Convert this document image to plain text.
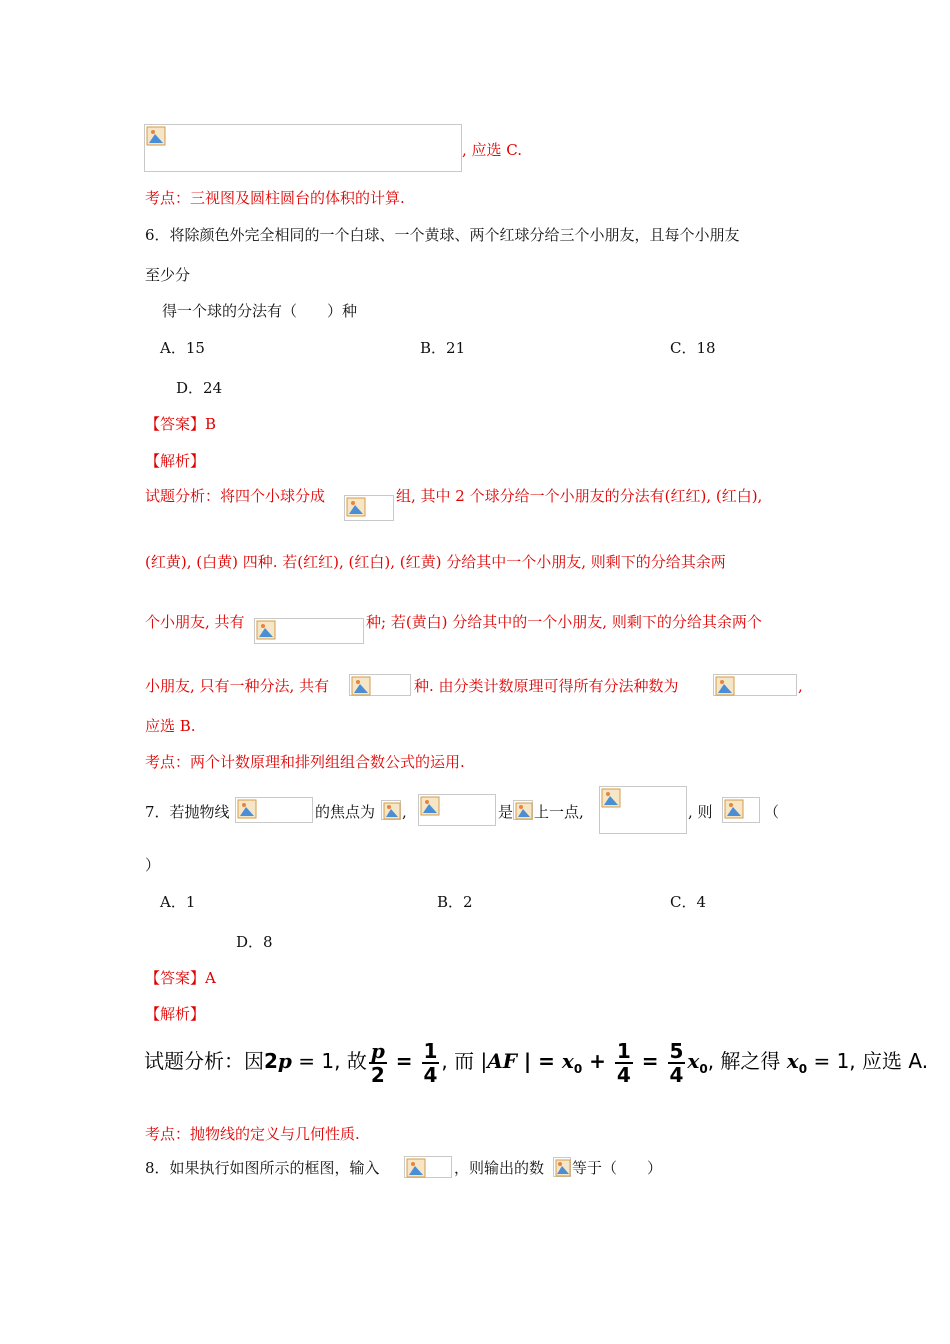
, 应选 C.
考点：三视图及圆柱圆台的体积的计算.
6．将除颜色外完全相同的一个白球、一个黄球、两个红球分给三个小朋友，且每个小朋友
至少分
得一个球的分法有（　　）种
A．15	B．21	C．18
D．24
【答案】B
【解析】
试题分析：将四个小球分成	组, 其中 2 个球分给一个小朋友的分法有(红红), (红白),
(红黄), (白黄) 四种. 若(红红), (红白), (红黄) 分给其中一个小朋友, 则剩下的分给其余两
个小朋友, 共有	种; 若(黄白) 分给其中的一个小朋友, 则剩下的分给其余两个
小朋友, 只有一种分法, 共有	种. 由分类计数原理可得所有分法种数为	,
应选 B.
考点：两个计数原理和排列组组合数公式的运用.
7．若抛物线	的焦点为 ,	是 上一点,	, 则	（
）
A．1	B．2	C．4
D．8
【答案】A
【解析】
试题分析：因2p = 1, 故 $\frac{p}{2} = \frac{1}{4}$ , 而 |AF | = $x_0 + \frac{1}{4} = \frac{5}{4} x_0$, 解之得 $x_0 = 1$, 应选 A.
考点：抛物线的定义与几何性质.
8．如果执行如图所示的框图，输入	，则输出的数 等于（　　）
